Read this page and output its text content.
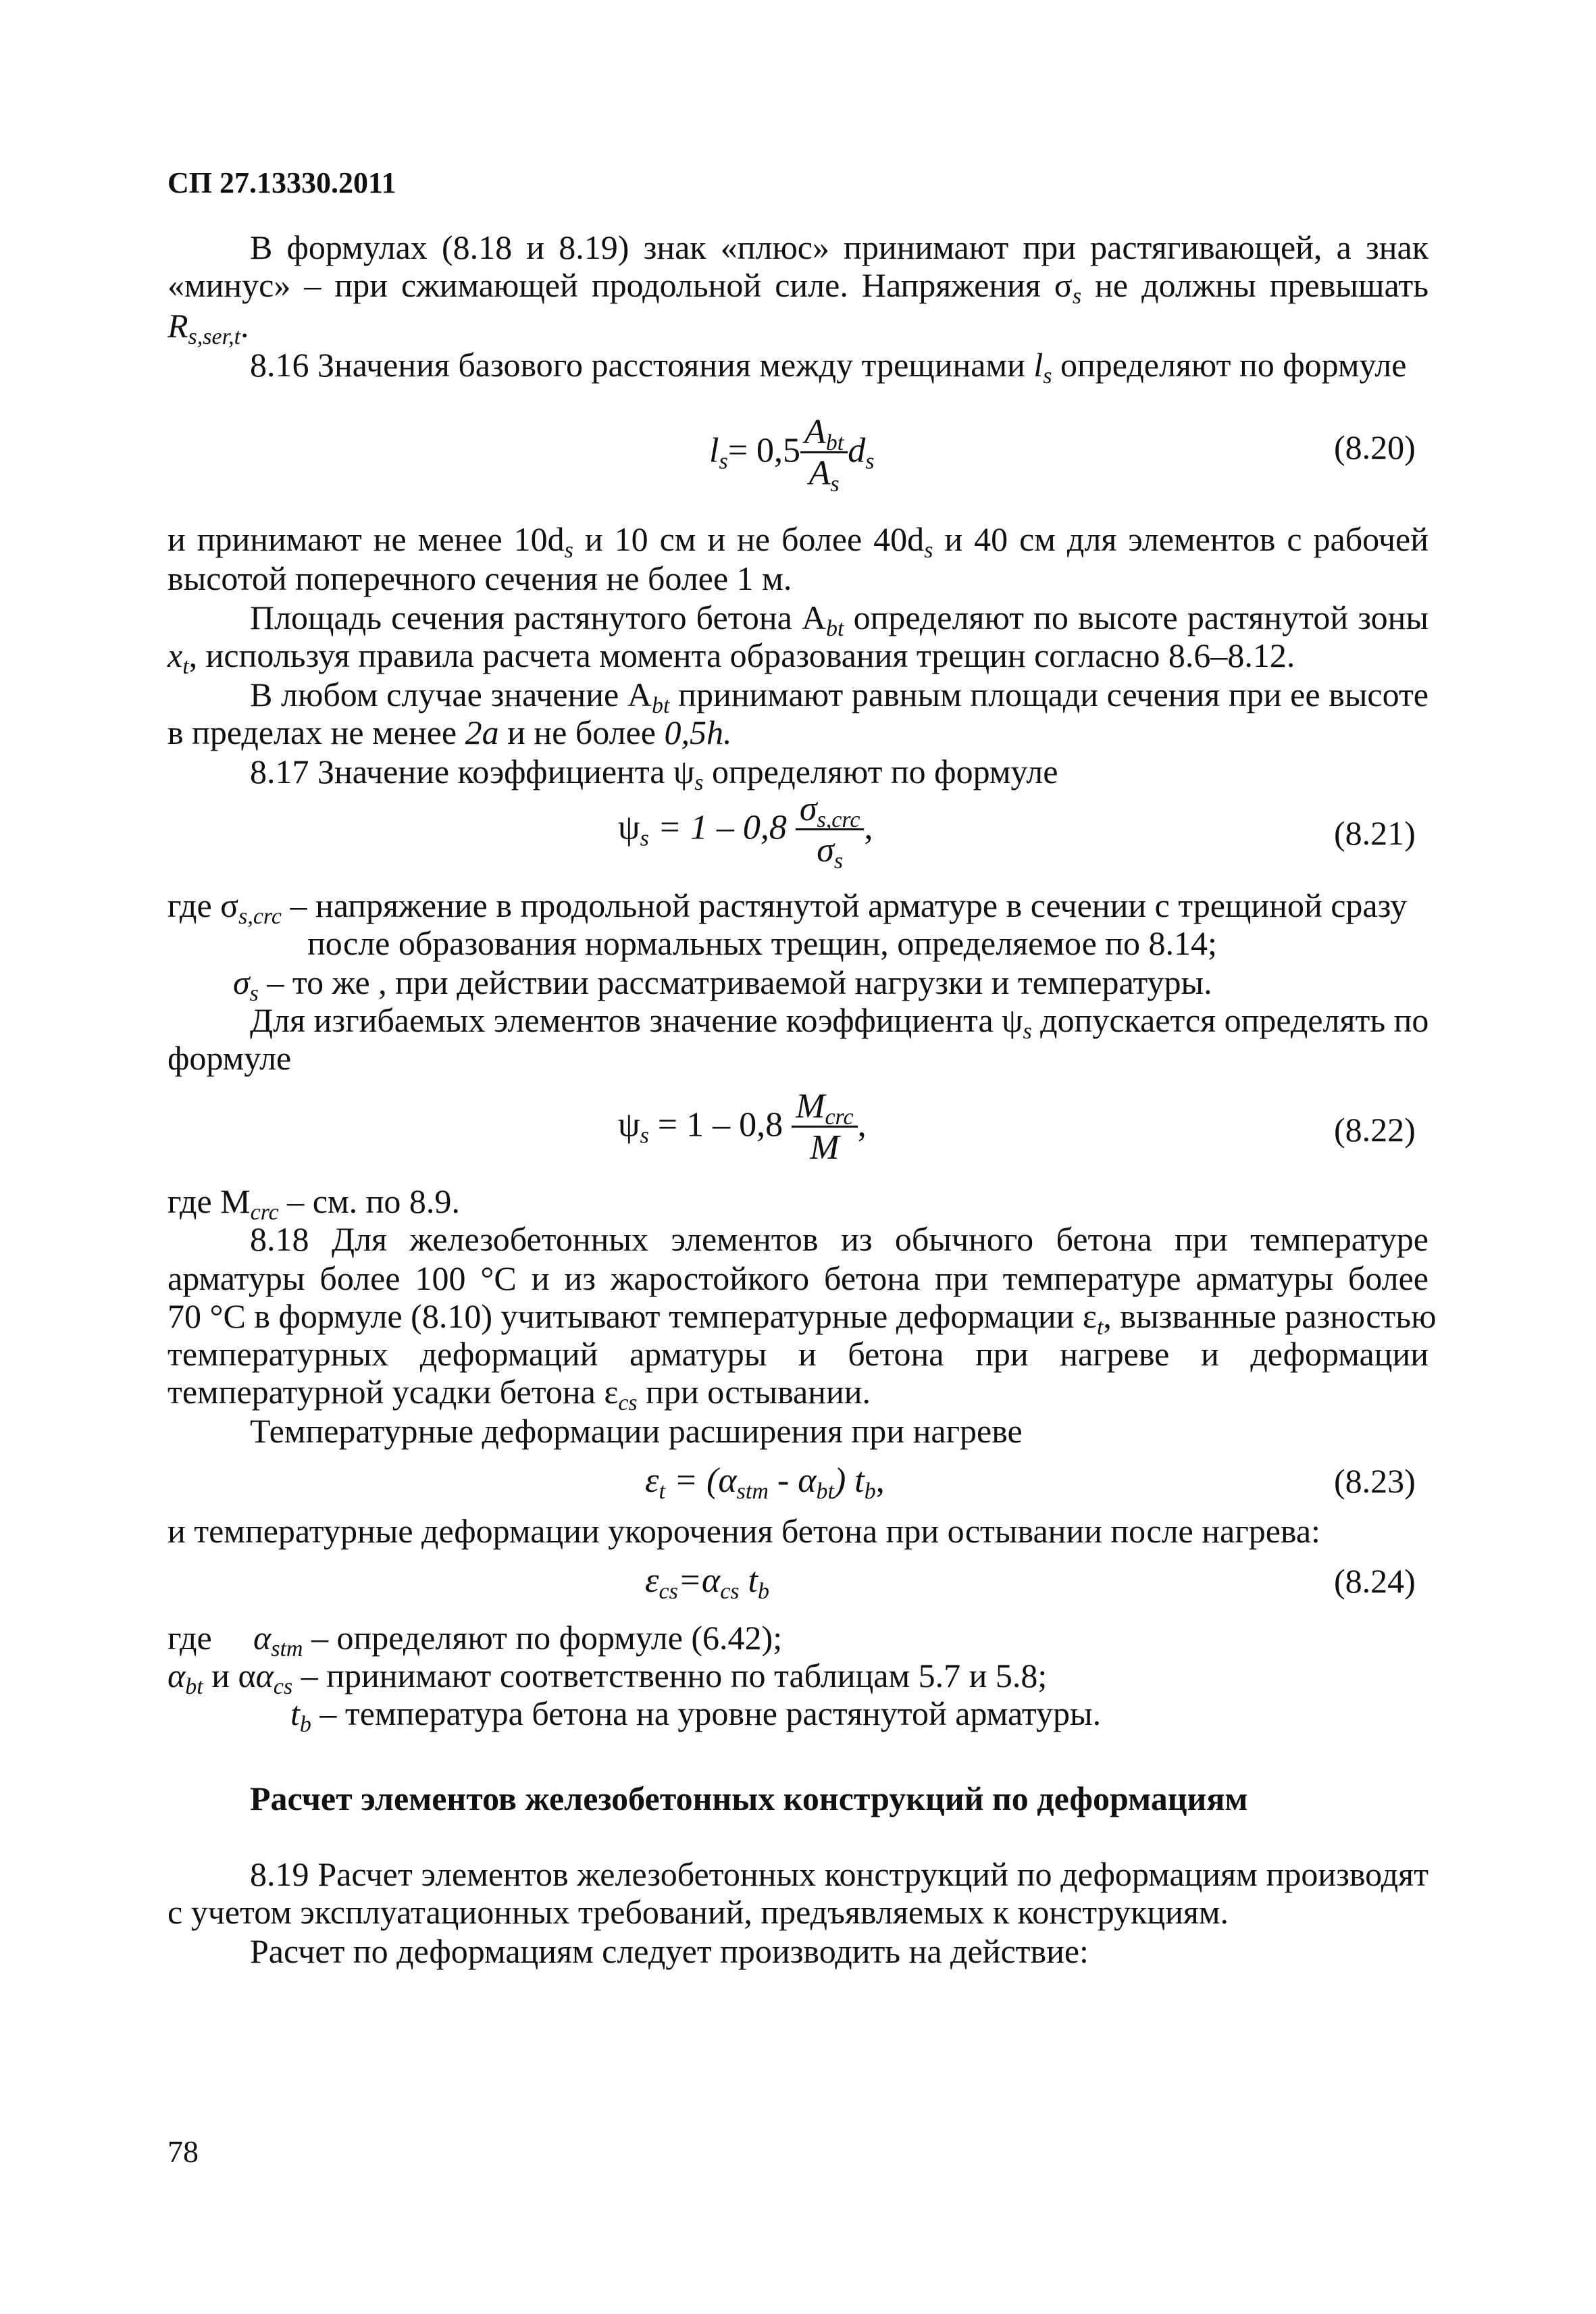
СП 27.13330.2011
В формулах (8.18 и 8.19) знак «плюс» принимают при растягивающей, а знак
«минус» – при сжимающей продольной силе. Напряжения $\sigma_s$ не должны превышать
$R_{s,ser,t}$.
8.16 Значения базового расстояния между трещинами $l_s$ определяют по формуле
$l_s= 0,5 \frac{A_{bt}}{A_s} d_s$	(8.20)
и принимают не менее $10d_s$ и 10 см и не более $40d_s$ и 40 см для элементов с рабочей
высотой поперечного сечения не более 1 м.
Площадь сечения растянутого бетона $A_{bt}$ определяют по высоте растянутой зоны
$x_t$, используя правила расчета момента образования трещин согласно 8.6–8.12.
В любом случае значение $A_{bt}$ принимают равным площади сечения при ее высоте
в пределах не менее 2a и не более 0,5h.
8.17 Значение коэффициента $\psi_s$ определяют по формуле
$\psi_s = 1 - 0,8 \frac{\sigma_{s,crc}}{\sigma_s}$ ,	(8.21)
где $\sigma_{s,crc}$ – напряжение в продольной растянутой арматуре в сечении с трещиной сразу
после образования нормальных трещин, определяемое по 8.14;
$\sigma_s$ – то же , при действии рассматриваемой нагрузки и температуры.
Для изгибаемых элементов значение коэффициента $\psi_s$ допускается определять по
формуле
$\psi_s = 1 - 0,8 \frac{M_{crc}}{M}$ ,	(8.22)
где $M_{crc}$ – см. по 8.9.
8.18 Для железобетонных элементов из обычного бетона при температуре
арматуры более 100 °С и из жаростойкого бетона при температуре арматуры более
70 °С в формуле (8.10) учитывают температурные деформации $\varepsilon_t$, вызванные разностью
температурных деформаций арматуры и бетона при нагреве и деформации
температурной усадки бетона $\varepsilon_{cs}$ при остывании.
Температурные деформации расширения при нагреве
$\varepsilon_t = (\alpha_{stm} - \alpha_{bt})$ $t_b$,	(8.23)
и температурные деформации укорочения бетона при остывании после нагрева:
$\varepsilon_{cs}=\alpha_{cs}$ $t_b$	(8.24)
где $\alpha_{stm}$ – определяют по формуле (6.42);
$\alpha_{bt}$ и $\alpha\alpha_{cs}$ – принимают соответственно по таблицам 5.7 и 5.8;
$t_b$ – температура бетона на уровне растянутой арматуры.
Расчет элементов железобетонных конструкций по деформациям
8.19 Расчет элементов железобетонных конструкций по деформациям производят
с учетом эксплуатационных требований, предъявляемых к конструкциям.
Расчет по деформациям следует производить на действие:
78
